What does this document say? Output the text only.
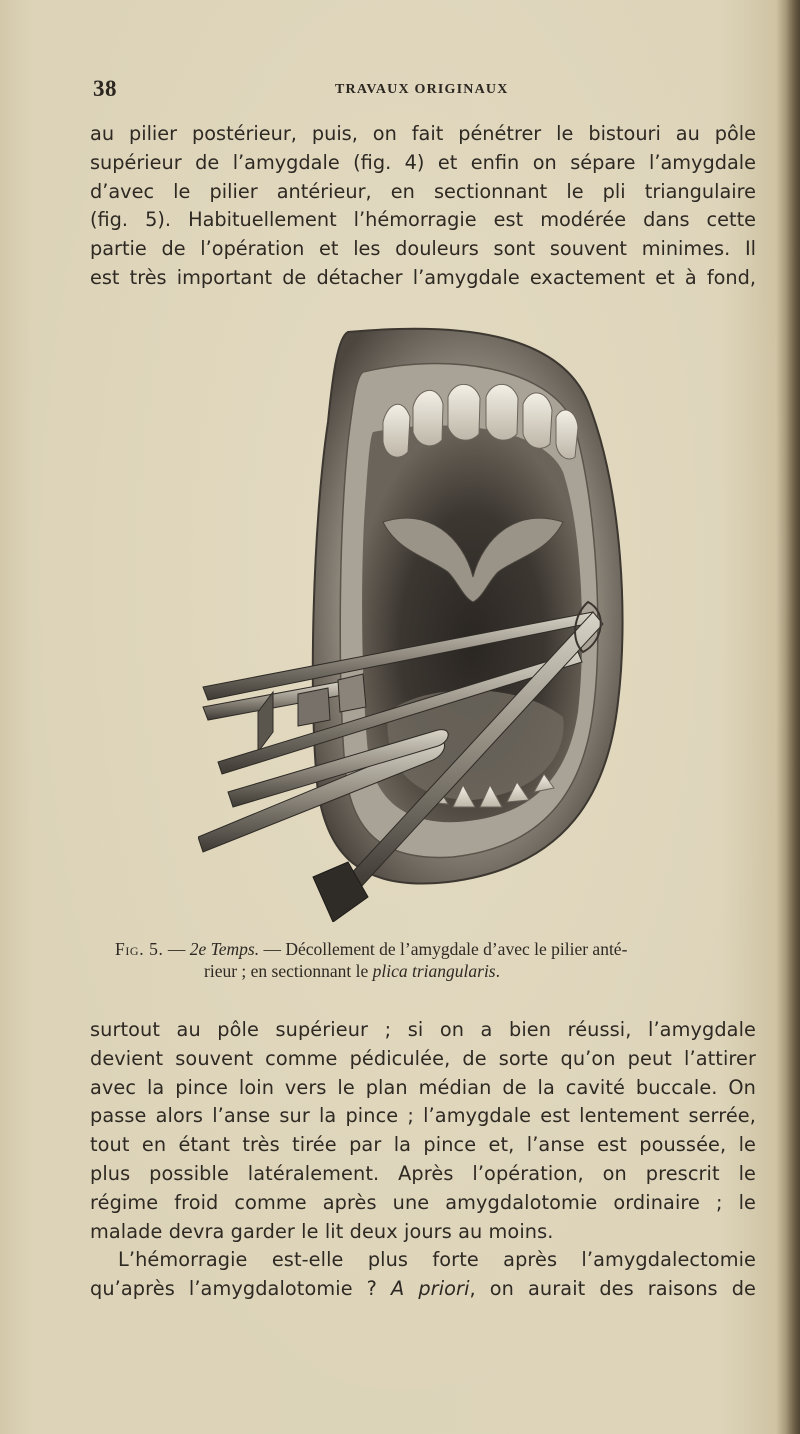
38	TRAVAUX ORIGINAUX
au pilier postérieur, puis, on fait pénétrer le bistouri au pôle
supérieur de l’amygdale (fig. 4) et enfin on sépare l’amygdale
d’avec le pilier antérieur, en sectionnant le pli triangulaire
(fig. 5). Habituellement l’hémorragie est modérée dans cette
partie de l’opération et les douleurs sont souvent minimes. Il
est très important de détacher l’amygdale exactement et à fond,
Fig. 5. — 2e Temps. — Décollement de l’amygdale d’avec le pilier anté-
rieur ; en sectionnant le plica triangularis.
surtout au pôle supérieur ; si on a bien réussi, l’amygdale
devient souvent comme pédiculée, de sorte qu’on peut l’attirer
avec la pince loin vers le plan médian de la cavité buccale. On
passe alors l’anse sur la pince ; l’amygdale est lentement serrée,
tout en étant très tirée par la pince et, l’anse est poussée, le
plus possible latéralement. Après l’opération, on prescrit le
régime froid comme après une amygdalotomie ordinaire ; le
malade devra garder le lit deux jours au moins.
L’hémorragie est-elle plus forte après l’amygdalectomie
qu’après l’amygdalotomie ? A priori, on aurait des raisons de
